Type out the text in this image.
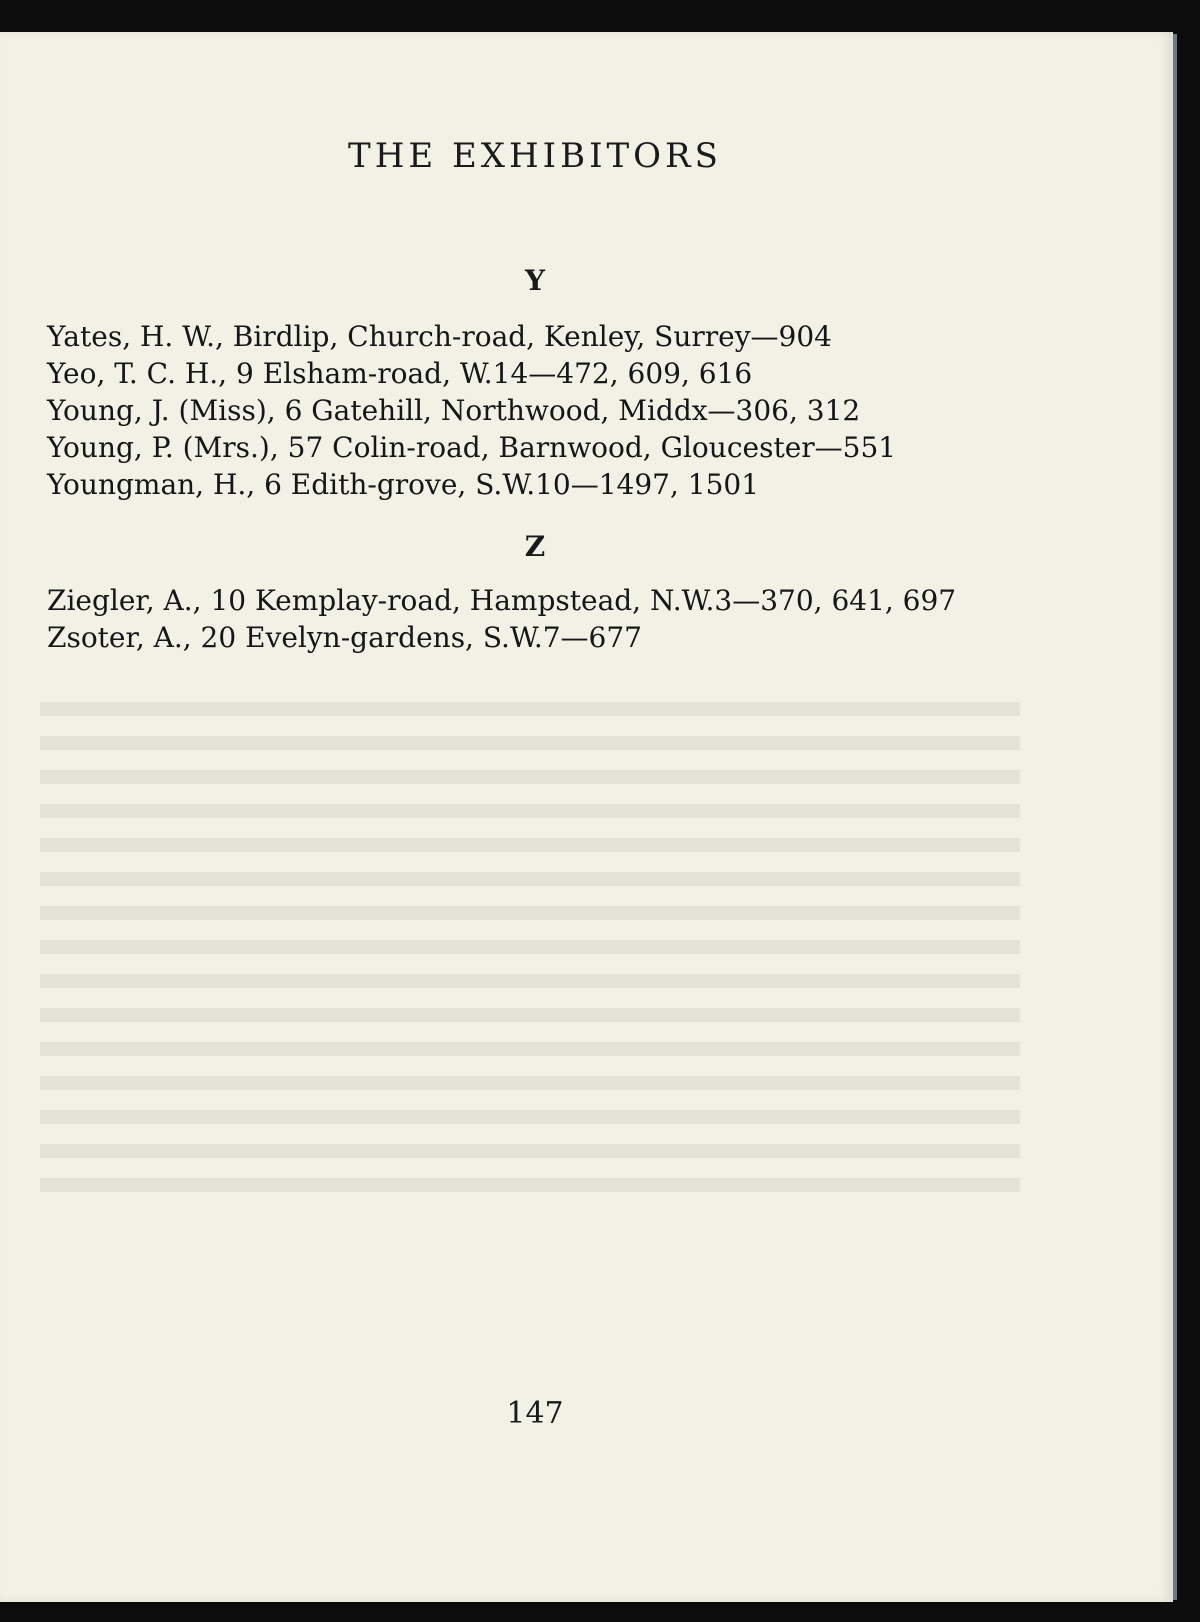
THE EXHIBITORS
Y
Yates, H. W., Birdlip, Church-road, Kenley, Surrey—904
Yeo, T. C. H., 9 Elsham-road, W.14—472, 609, 616
Young, J. (Miss), 6 Gatehill, Northwood, Middx—306, 312
Young, P. (Mrs.), 57 Colin-road, Barnwood, Gloucester—551
Youngman, H., 6 Edith-grove, S.W.10—1497, 1501
Z
Ziegler, A., 10 Kemplay-road, Hampstead, N.W.3—370, 641, 697
Zsoter, A., 20 Evelyn-gardens, S.W.7—677
147
